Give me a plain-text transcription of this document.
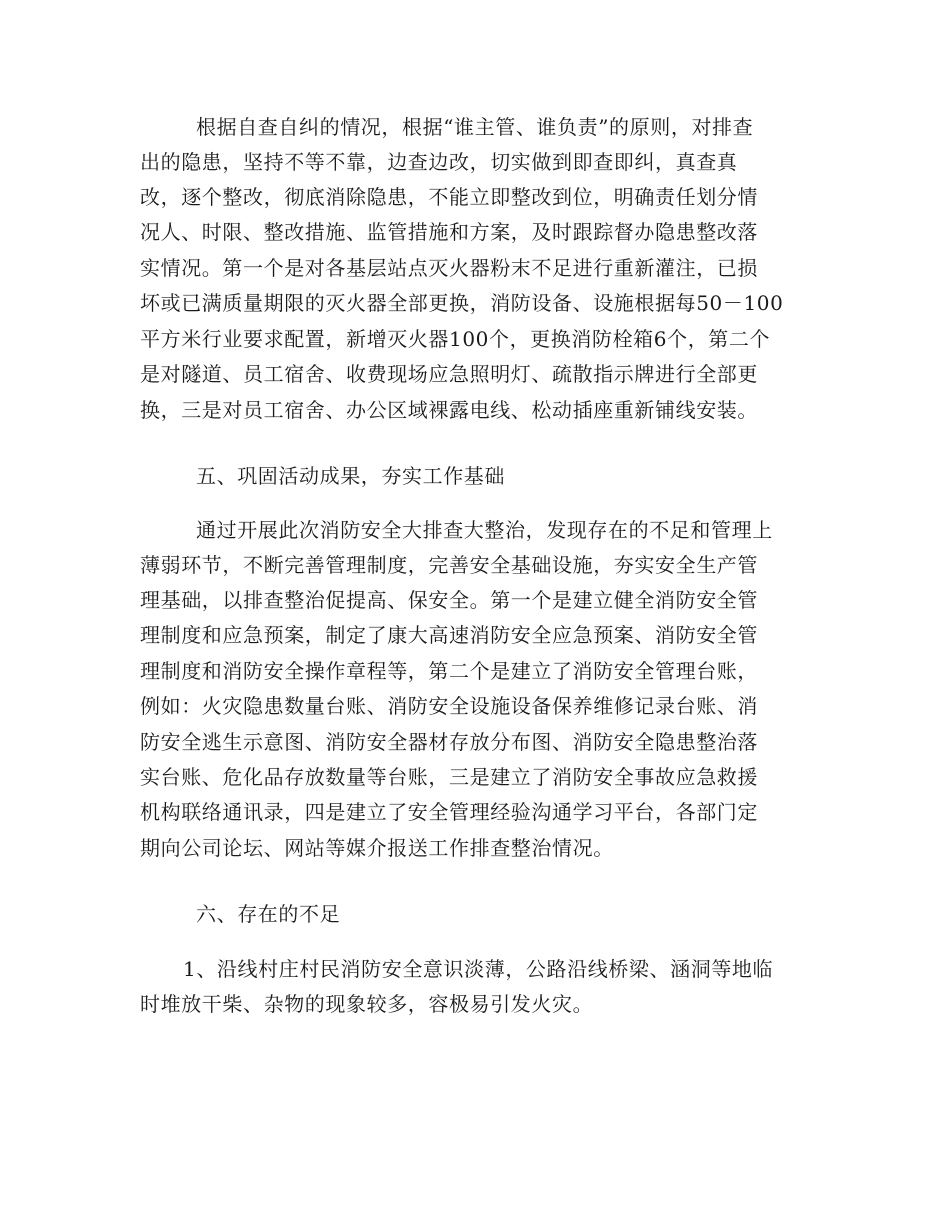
根据自查自纠的情况，根据“谁主管、谁负责”的原则，对排查

出的隐患，坚持不等不靠，边查边改，切实做到即查即纠，真查真

改，逐个整改，彻底消除隐患，不能立即整改到位，明确责任划分情

况人、时限、整改措施、监管措施和方案，及时跟踪督办隐患整改落

实情况。第一个是对各基层站点灭火器粉末不足进行重新灌注，已损

坏或已满质量期限的灭火器全部更换，消防设备、设施根据每50－100

平方米行业要求配置，新增灭火器100个，更换消防栓箱6个，第二个

是对隧道、员工宿舍、收费现场应急照明灯、疏散指示牌进行全部更

换，三是对员工宿舍、办公区域裸露电线、松动插座重新铺线安装。

五、巩固活动成果，夯实工作基础

通过开展此次消防安全大排查大整治，发现存在的不足和管理上

薄弱环节，不断完善管理制度，完善安全基础设施，夯实安全生产管

理基础，以排查整治促提高、保安全。第一个是建立健全消防安全管

理制度和应急预案，制定了康大高速消防安全应急预案、消防安全管

理制度和消防安全操作章程等，第二个是建立了消防安全管理台账，

例如：火灾隐患数量台账、消防安全设施设备保养维修记录台账、消

防安全逃生示意图、消防安全器材存放分布图、消防安全隐患整治落

实台账、危化品存放数量等台账，三是建立了消防安全事故应急救援

机构联络通讯录，四是建立了安全管理经验沟通学习平台，各部门定

期向公司论坛、网站等媒介报送工作排查整治情况。

六、存在的不足

1、沿线村庄村民消防安全意识淡薄，公路沿线桥梁、涵洞等地临

时堆放干柴、杂物的现象较多，容极易引发火灾。
